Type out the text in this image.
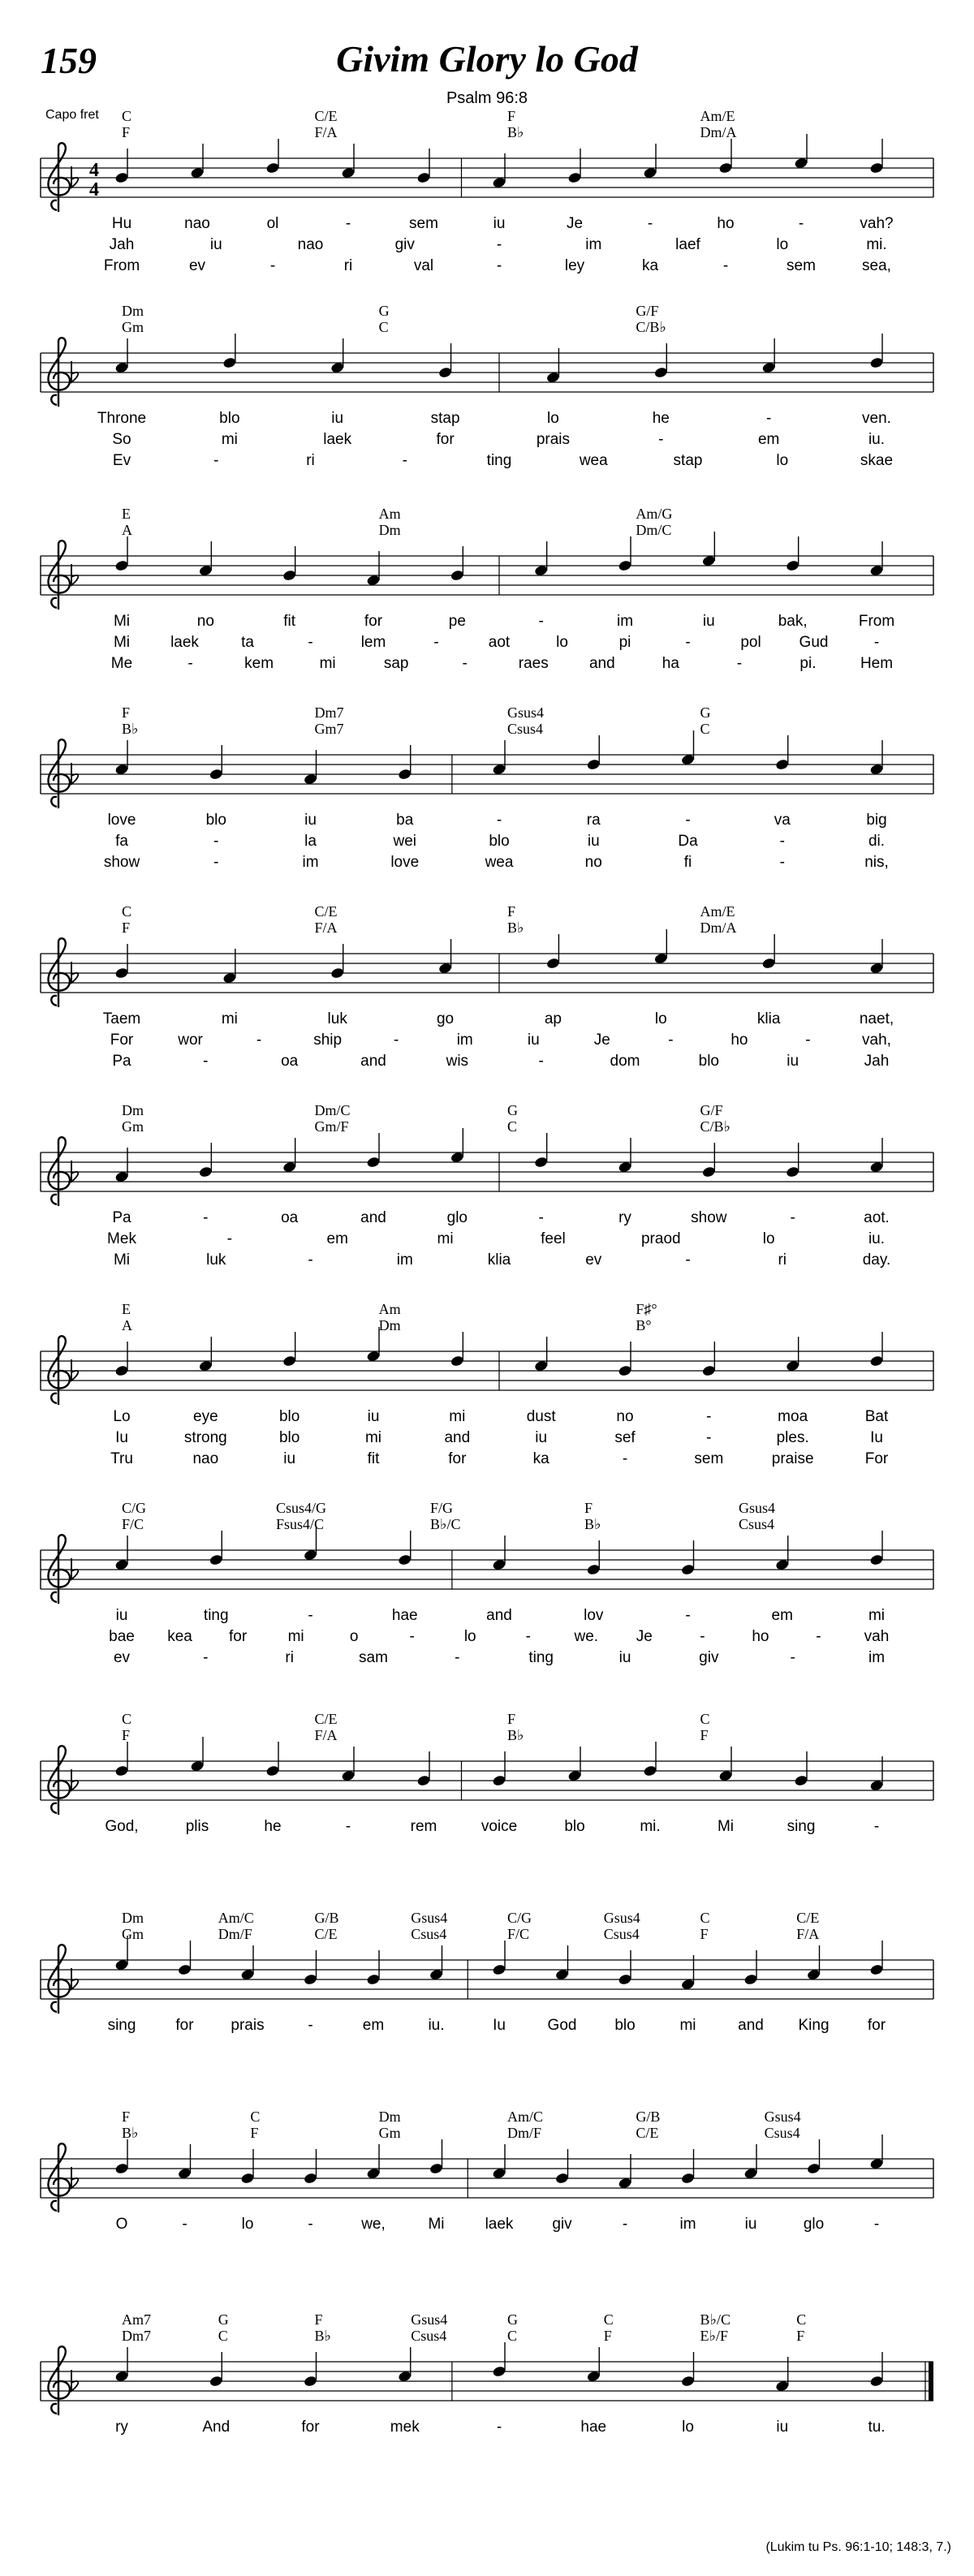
159	Givim Glory lo God
Psalm 96:8
Capo fret
4
4
C
F
C/E
F/A
F
B♭
Am/E
Dm/A
Hu	nao	ol	-	sem	iu	Je	-	ho	-	vah?
Jah	iu	nao	giv	-	im	laef	lo	mi.
From	ev	-	ri	val	-	ley	ka	-	sem	sea,
Dm
Gm
G
C
G/F
C/B♭
Throne	blo	iu	stap	lo	he	-	ven.
So	mi	laek	for	prais	-	em	iu.
Ev	-	ri	-	ting	wea	stap	lo	skae
E
A
Am
Dm
Am/G
Dm/C
Mi	no	fit	for	pe	-	im	iu	bak,	From
Mi	laek	ta	-	lem	-	aot	lo	pi	-	pol Gud	-
Me	-	kem	mi	sap	-	raes	and	ha	-	pi.	Hem
F
B♭
Dm7
Gm7
Gsus4
Csus4
G
C
love	blo	iu	ba	-	ra	-	va	big
fa	-	la	wei	blo	iu	Da	-	di.
show	-	im	love	wea	no	fi	-	nis,
C
F
C/E
F/A
F
B♭
Am/E
Dm/A
Taem	mi	luk	go	ap	lo	klia	naet,
For	wor	-	ship	-	im	iu	Je	-	ho	-	vah,
Pa	-	oa	and	wis	-	dom	blo	iu	Jah
Dm
Gm
Dm/C
Gm/F
G
C
G/F
C/B♭
Pa	-	oa	and	glo	-	ry	show	-	aot.
Mek	-	em	mi	feel	praod	lo	iu.
Mi	luk	-	im	klia	ev	-	ri	day.
E
A
Am
Dm
F♯°
B°
Lo	eye	blo	iu	mi	dust	no	-	moa	Bat
Iu	strong	blo	mi	and	iu	sef	-	ples.	Iu
Tru	nao	iu	fit	for	ka	-	sem	praise	For
C/G
F/C
Csus4/G
Fsus4/C
F/G
B♭/C
F
B♭
Gsus4
Csus4
iu	ting	-	hae	and	lov	-	em	mi
bae kea for	mi	o	-	lo	-	we. Je	-	ho	-	vah
ev	-	ri	sam	-	ting	iu	giv	-	im
C
F
C/E
F/A
F
B♭
C
F
God,	plis	he	-	rem	voice	blo	mi.	Mi	sing	-
Dm
Gm
Am/C
Dm/F
G/B
C/E
Gsus4
Csus4
C/G
F/C
Gsus4
Csus4
C
F
C/E
F/A
sing	for prais	-	em	iu.	Iu	God blo	mi	and King for
F
B♭
C
F
Dm
Gm
Am/C
Dm/F
G/B
C/E
Gsus4
Csus4
O	-	lo	-	we,	Mi	laek	giv	-	im	iu	glo	-
Am7
Dm7
G
C
F
B♭
Gsus4
Csus4
G
C
C
F
B♭/C
E♭/F
C
F
ry	And	for	mek	-	hae	lo	iu	tu.
(Lukim tu Ps. 96:1-10; 148:3, 7.)
